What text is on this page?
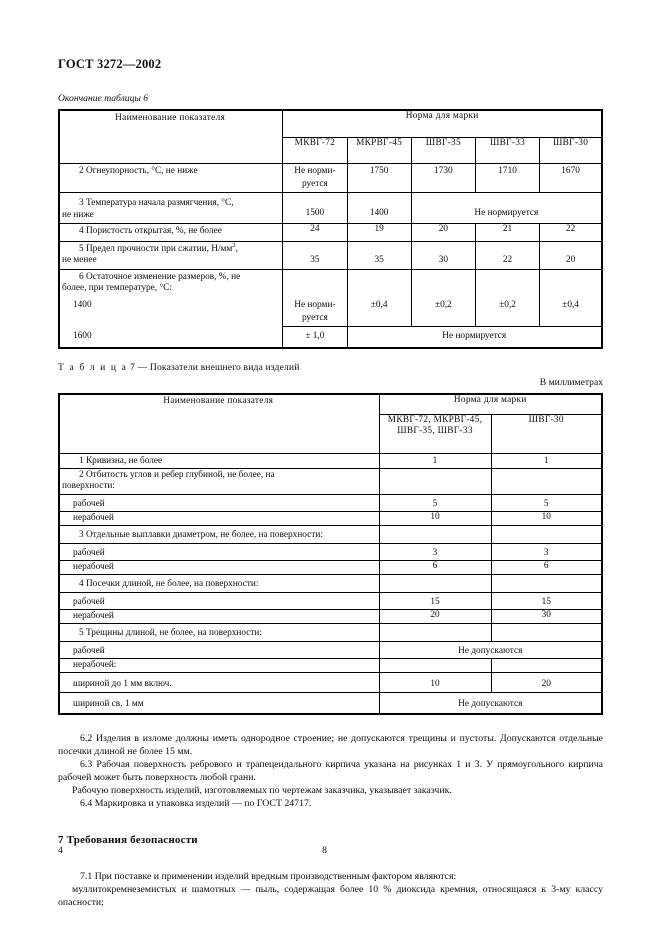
ГОСТ 3272—2002
Окончание таблицы 6
Наименование показателя	Норма для марки				
	МКВГ-72	МКРВГ-45	ШВГ-35	ШВГ-33	ШВГ-30

2 Огнеупорность, °С, не ниже	Не норми-	1750	1730	1710	1670
	руется				

3 Температура начала размягчения, °С,
не ниже					

	1500	1400	Не нормируется		

4 Пористость открытая, %, не более	24	19	20	21	22

5 Предел прочности при сжатии, $Н/мм^2$,
не менее					

	35	35	30	22	20

6 Остаточное изменение размеров, %, не
более, при температуре, °С:					

1400	Не норми-	±0,4	±0,2	±0,2	±0,4
	руется				

1600	± 1,0	Не нормируется			
Т а б л и ц а 7 — Показатели внешнего вида изделий
В миллиметрах
Наименование показателя	Норма для марки	
	МКВГ-72, МКРВГ-45,
ШВГ-35, ШВГ-33	ШВГ-30

1 Кривизна, не более	1	1

2 Отбитость углов и ребер глубиной, не более, на
поверхности:		

рабочей	5	5

нерабочей	10	10

3 Отдельные выплавки диаметром, не более, на поверхности:		

рабочей	3	3

нерабочей	6	6

4 Посечки длиной, не более, на поверхности:		

рабочей	15	15

нерабочей	20	30

5 Трещины длиной, не более, на поверхности:		

рабочей	Не допускаются	

нерабочей:		

шириной до 1 мм включ.	10	20

шириной св. 1 мм	Не допускаются	

6.2 Изделия в изломе должны иметь однородное строение; не допускаются трещины и пустоты. Допускаются отдельные посечки длиной не более 15 мм.

6.3 Рабочая поверхность ребрового и трапецеидального кирпича указана на рисунках 1 и 3. У прямоугольного кирпича рабочей может быть поверхность любой грани.

Рабочую поверхность изделий, изготовляемых по чертежам заказчика, указывает заказчик.

6.4 Маркировка и упаковка изделий — по ГОСТ 24717.

7 Требования безопасности

7.1 При поставке и применении изделий вредным производственным фактором являются:

муллитокремнеземистых и шамотных — пыль, содержащая более 10 % диоксида кремния, относящаяся к 3-му классу опасности;

4	8
